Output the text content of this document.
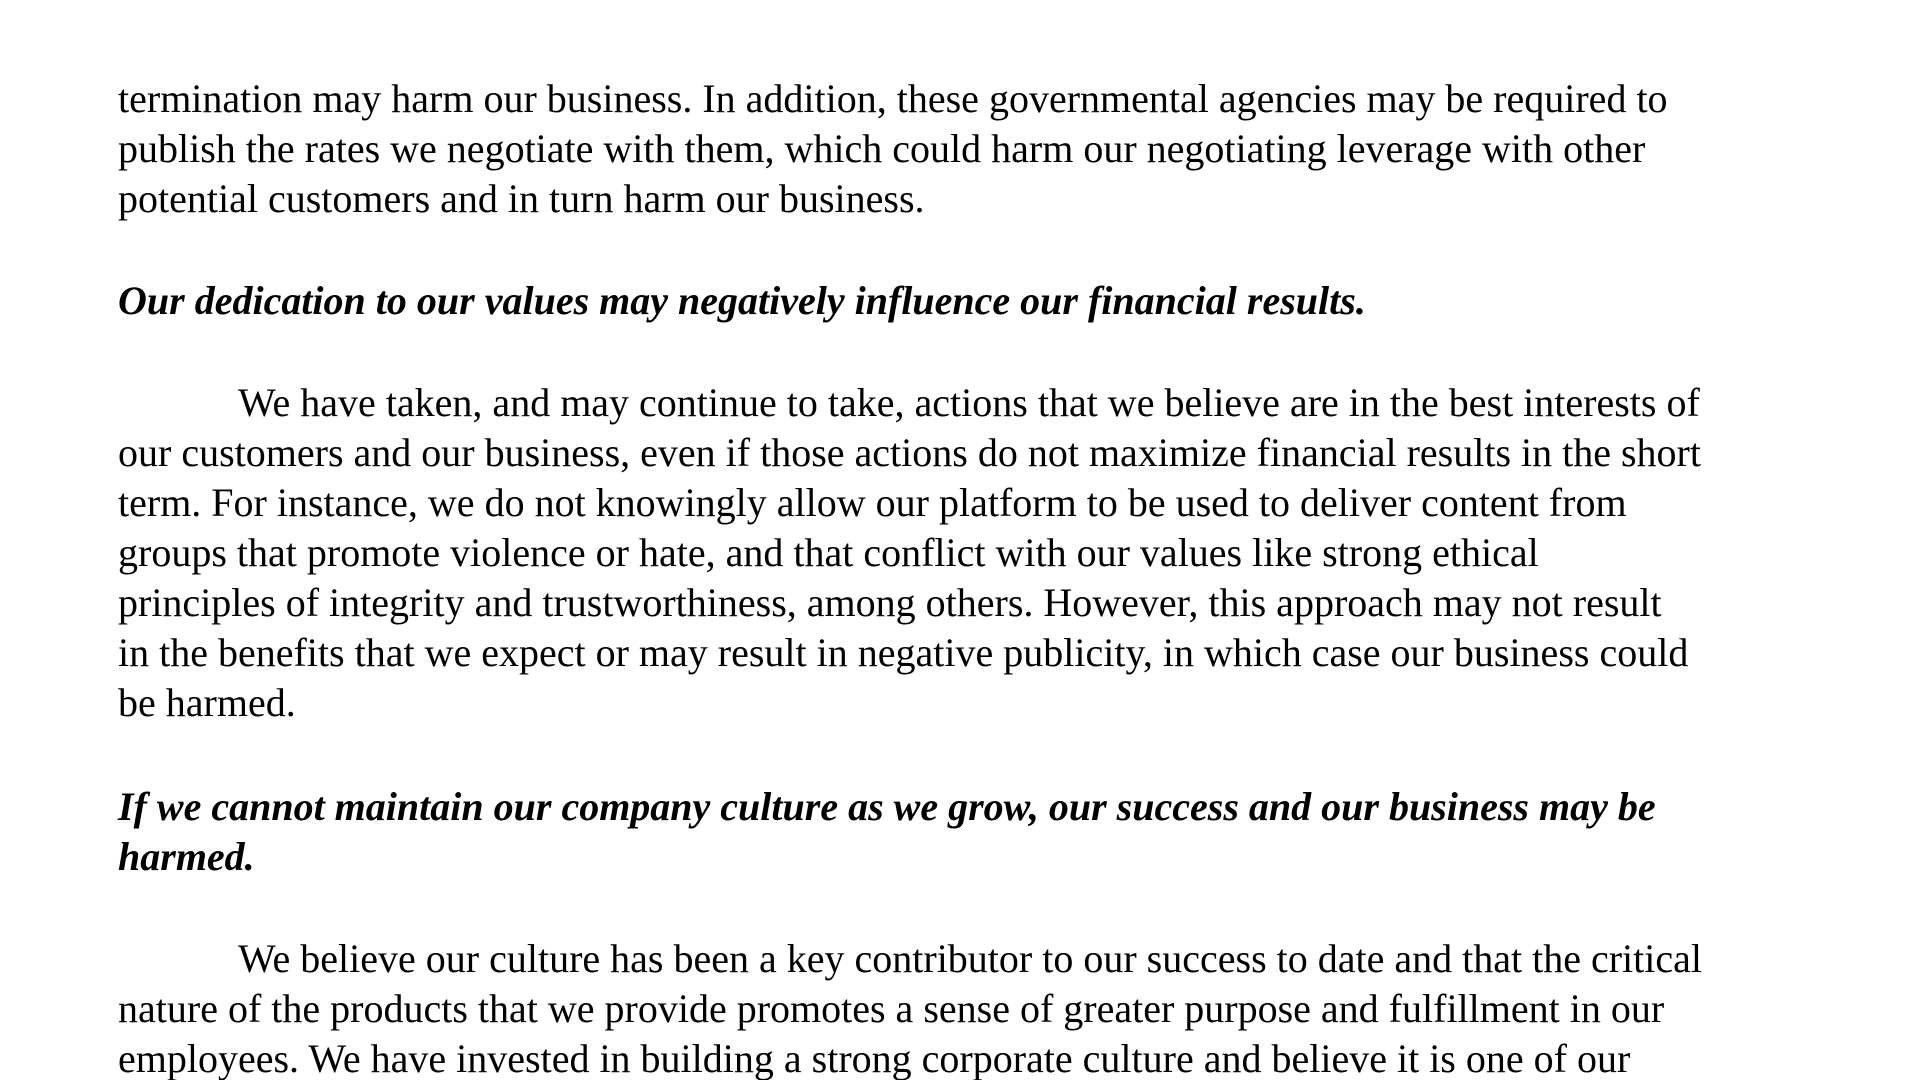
termination may harm our business. In addition, these governmental agencies may be required to
publish the rates we negotiate with them, which could harm our negotiating leverage with other
potential customers and in turn harm our business.

Our dedication to our values may negatively influence our financial results.

We have taken, and may continue to take, actions that we believe are in the best interests of
our customers and our business, even if those actions do not maximize financial results in the short
term. For instance, we do not knowingly allow our platform to be used to deliver content from
groups that promote violence or hate, and that conflict with our values like strong ethical
principles of integrity and trustworthiness, among others. However, this approach may not result
in the benefits that we expect or may result in negative publicity, in which case our business could
be harmed.

If we cannot maintain our company culture as we grow, our success and our business may be
harmed.

We believe our culture has been a key contributor to our success to date and that the critical
nature of the products that we provide promotes a sense of greater purpose and fulfillment in our
employees. We have invested in building a strong corporate culture and believe it is one of our
